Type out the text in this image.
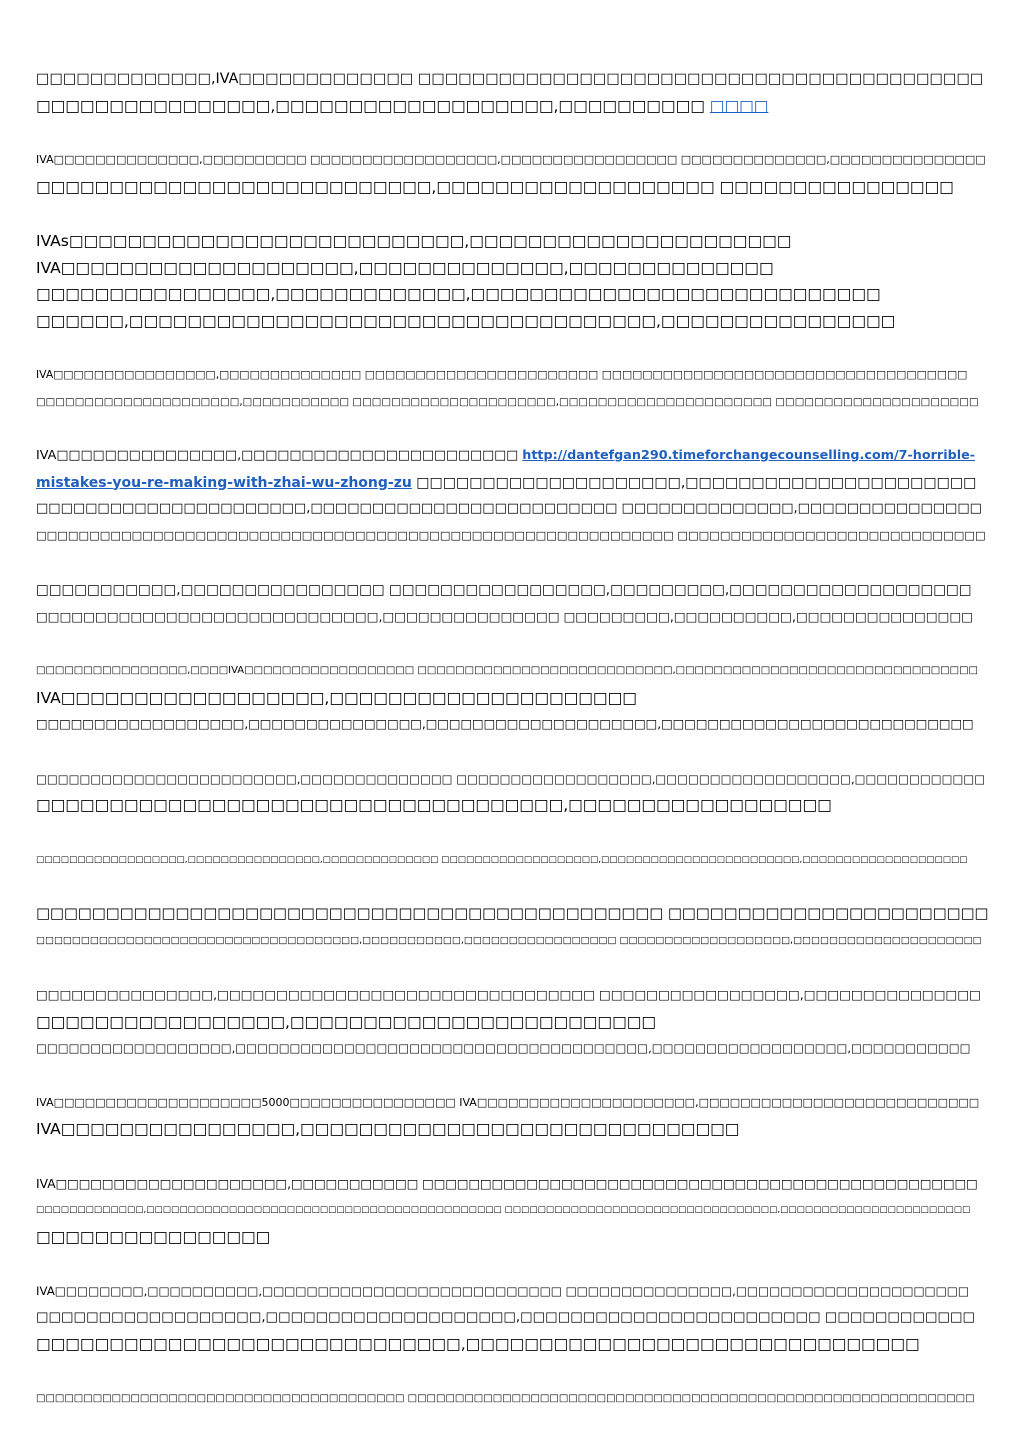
□□□□□□□□□□□□□,IVA□□□□□□□□□□□□□ □□□□□□□□□□□□□□□□□□□□□□□□□□□□□□□□□□□□□□□□□□
□□□□□□□□□□□□□□□□,□□□□□□□□□□□□□□□□□□□,□□□□□□□□□□ □□□□

IVA□□□□□□□□□□□□□□,□□□□□□□□□□ □□□□□□□□□□□□□□□□□□,□□□□□□□□□□□□□□□□□ □□□□□□□□□□□□□□,□□□□□□□□□□□□□□□
□□□□□□□□□□□□□□□□□□□□□□□□□□□,□□□□□□□□□□□□□□□□□□□ □□□□□□□□□□□□□□□□

IVAs□□□□□□□□□□□□□□□□□□□□□□□□□□□,□□□□□□□□□□□□□□□□□□□□□□
IVA□□□□□□□□□□□□□□□□□□□□,□□□□□□□□□□□□□□,□□□□□□□□□□□□□□
□□□□□□□□□□□□□□□□,□□□□□□□□□□□□□,□□□□□□□□□□□□□□□□□□□□□□□□□□□□
□□□□□□,□□□□□□□□□□□□□□□□□□□□□□□□□□□□□□□□□□□□,□□□□□□□□□□□□□□□□

IVA□□□□□□□□□□□□□□□□,□□□□□□□□□□□□□□ □□□□□□□□□□□□□□□□□□□□□□□ □□□□□□□□□□□□□□□□□□□□□□□□□□□□□□□□□□□□
□□□□□□□□□□□□□□□□□□□□□,□□□□□□□□□□□ □□□□□□□□□□□□□□□□□□□□□,□□□□□□□□□□□□□□□□□□□□□□ □□□□□□□□□□□□□□□□□□□□□

IVA□□□□□□□□□□□□□□□,□□□□□□□□□□□□□□□□□□□□□□□ http://dantefgan290.timeforchangecounselling.com/7-horrible-
mistakes-you-re-making-with-zhai-wu-zhong-zu □□□□□□□□□□□□□□□□□□□□,□□□□□□□□□□□□□□□□□□□□□□
□□□□□□□□□□□□□□□□□□□□□□,□□□□□□□□□□□□□□□□□□□□□□□□□ □□□□□□□□□□□□□□,□□□□□□□□□□□□□□□
□□□□□□□□□□□□□□□□□□□□□□□□□□□□□□□□□□□□□□□□□□□□□□□□□□□□□□□□□□□□ □□□□□□□□□□□□□□□□□□□□□□□□□□□□□

□□□□□□□□□□□,□□□□□□□□□□□□□□□□ □□□□□□□□□□□□□□□□□,□□□□□□□□□,□□□□□□□□□□□□□□□□□□□
□□□□□□□□□□□□□□□□□□□□□□□□□□□□□,□□□□□□□□□□□□□□□ □□□□□□□□□,□□□□□□□□□□,□□□□□□□□□□□□□□□

□□□□□□□□□□□□□□□□,□□□□IVA□□□□□□□□□□□□□□□□□□ □□□□□□□□□□□□□□□□□□□□□□□□□□□,□□□□□□□□□□□□□□□□□□□□□□□□□□□□□□□□
IVA□□□□□□□□□□□□□□□□□□,□□□□□□□□□□□□□□□□□□□□□
□□□□□□□□□□□□□□□□□□,□□□□□□□□□□□□□□□,□□□□□□□□□□□□□□□□□□□□,□□□□□□□□□□□□□□□□□□□□□□□□□□□

□□□□□□□□□□□□□□□□□□□□□□□□,□□□□□□□□□□□□□□ □□□□□□□□□□□□□□□□□□,□□□□□□□□□□□□□□□□□□,□□□□□□□□□□□□
□□□□□□□□□□□□□□□□□□□□□□□□□□□□□□□□□□□□,□□□□□□□□□□□□□□□□□□

□□□□□□□□□□□□□□□□□□,□□□□□□□□□□□□□□□□,□□□□□□□□□□□□□□ □□□□□□□□□□□□□□□□□□□,□□□□□□□□□□□□□□□□□□□□□□□□,□□□□□□□□□□□□□□□□□□□□

□□□□□□□□□□□□□□□□□□□□□□□□□□□□□□□□□□□□□□□□□□□□□ □□□□□□□□□□□□□□□□□□□□□□□
□□□□□□□□□□□□□□□□□□□□□□□□□□□□□□□□□□□□,□□□□□□□□□□□,□□□□□□□□□□□□□□□□□ □□□□□□□□□□□□□□□□□□□,□□□□□□□□□□□□□□□□□□□□□

□□□□□□□□□□□□□□□,□□□□□□□□□□□□□□□□□□□□□□□□□□□□□□□□ □□□□□□□□□□□□□□□□□,□□□□□□□□□□□□□□□
□□□□□□□□□□□□□□□□□,□□□□□□□□□□□□□□□□□□□□□□□□□
□□□□□□□□□□□□□□□□□□,□□□□□□□□□□□□□□□□□□□□□□□□□□□□□□□□□□□□□□,□□□□□□□□□□□□□□□□□□,□□□□□□□□□□□

IVA□□□□□□□□□□□□□□□□□□□□5000□□□□□□□□□□□□□□□□ IVA□□□□□□□□□□□□□□□□□□□□□,□□□□□□□□□□□□□□□□□□□□□□□□□□□
IVA□□□□□□□□□□□□□□□□,□□□□□□□□□□□□□□□□□□□□□□□□□□□□□□

IVA□□□□□□□□□□□□□□□□□□□□,□□□□□□□□□□□ □□□□□□□□□□□□□□□□□□□□□□□□□□□□□□□□□□□□□□□□□□□□□□□□
□□□□□□□□□□□□□,□□□□□□□□□□□□□□□□□□□□□□□□□□□□□□□□□□□□□□□□□□□ □□□□□□□□□□□□□□□□□□□□□□□□□□□□□□□□□,□□□□□□□□□□□□□□□□□□□□□□□
□□□□□□□□□□□□□□□□

IVA□□□□□□□□,□□□□□□□□□□,□□□□□□□□□□□□□□□□□□□□□□□□□□□ □□□□□□□□□□□□□□□,□□□□□□□□□□□□□□□□□□□□□
□□□□□□□□□□□□□□□□□□,□□□□□□□□□□□□□□□□□□□□,□□□□□□□□□□□□□□□□□□□□□□□□ □□□□□□□□□□□□
□□□□□□□□□□□□□□□□□□□□□□□□□□□□□,□□□□□□□□□□□□□□□□□□□□□□□□□□□□□□□

□□□□□□□□□□□□□□□□□□□□□□□□□□□□□□□□□□□□□□□ □□□□□□□□□□□□□□□□□□□□□□□□□□□□□□□□□□□□□□□□□□□□□□□□□□□□□□□□□□□□
